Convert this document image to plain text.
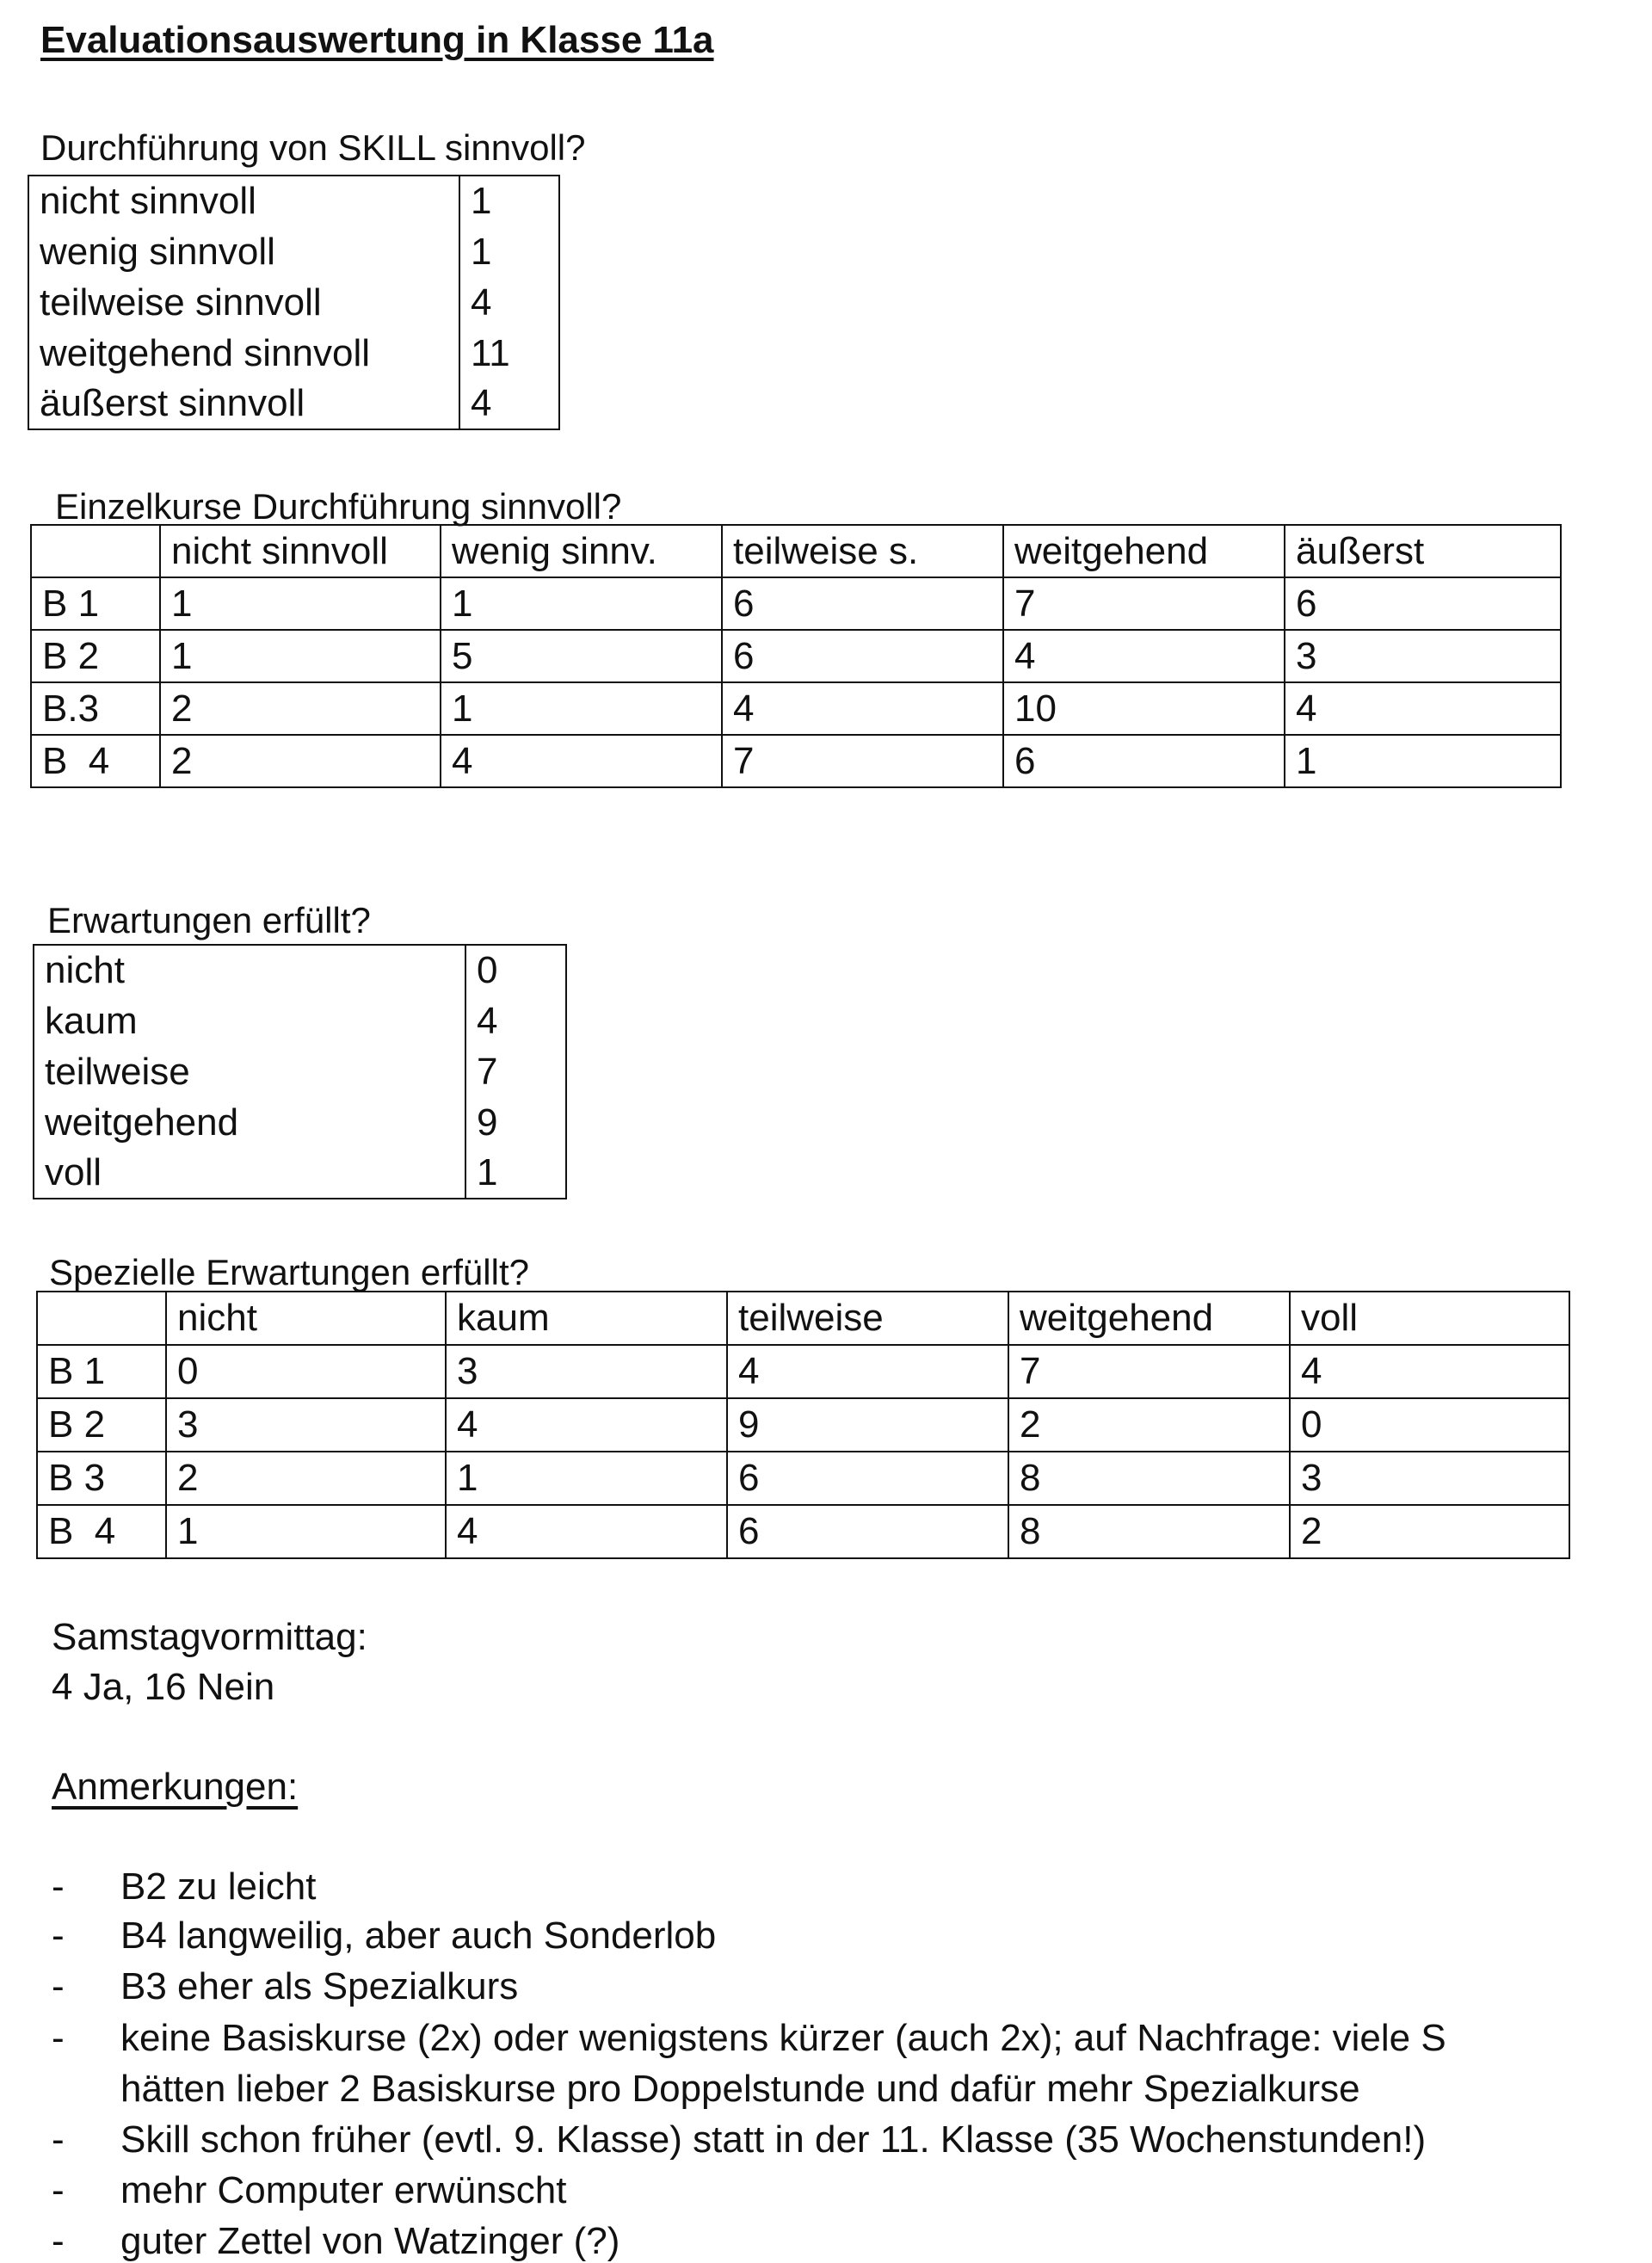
Evaluationsauswertung in Klasse 11a
Durchführung von SKILL sinnvoll?
nicht sinnvoll	1
wenig sinnvoll	1
teilweise sinnvoll	4
weitgehend sinnvoll	11
äußerst sinnvoll	4
Einzelkurse Durchführung sinnvoll?
	nicht sinnvoll	wenig sinnv.	teilweise s.	weitgehend	äußerst
B 1	1	1	6	7	6
B 2	1	5	6	4	3
B.3	2	1	4	10	4
B  4	2	4	7	6	1
Erwartungen erfüllt?
nicht	0
kaum	4
teilweise	7
weitgehend	9
voll	1
Spezielle Erwartungen erfüllt?
	nicht	kaum	teilweise	weitgehend	voll
B 1	0	3	4	7	4
B 2	3	4	9	2	0
B 3	2	1	6	8	3
B  4	1	4	6	8	2
Samstagvormittag:
4 Ja, 16 Nein
Anmerkungen:
- B2 zu leicht
- B4 langweilig, aber auch Sonderlob
- B3 eher als Spezialkurs
- keine Basiskurse (2x) oder wenigstens kürzer (auch 2x); auf Nachfrage: viele S
- Skill schon früher (evtl. 9. Klasse) statt in der 11. Klasse (35 Wochenstunden!)
- mehr Computer erwünscht
- guter Zettel von Watzinger (?)
hätten lieber 2 Basiskurse pro Doppelstunde und dafür mehr Spezialkurse
